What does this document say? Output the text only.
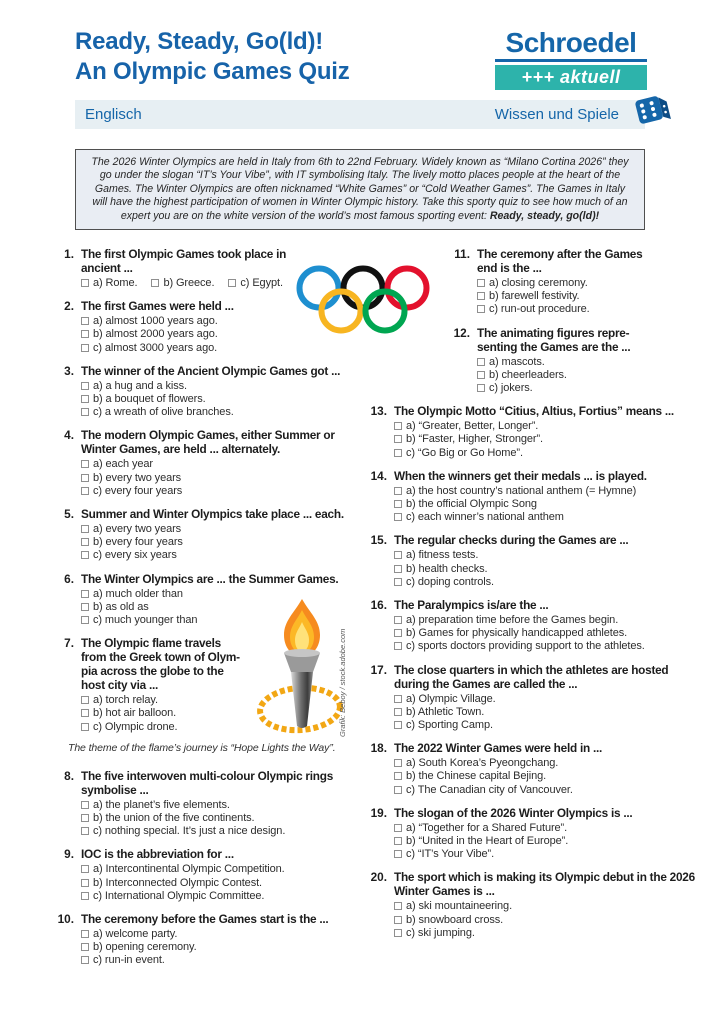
Ready, Steady, Go(ld)!
An Olympic Games Quiz
Schroedel
+++ aktuell
Englisch	Wissen und Spiele
The 2026 Winter Olympics are held in Italy from 6th to 22nd February. Widely known as “Milano Cortina 2026” they go under the slogan “IT’s Your Vibe”, with IT symbolising Italy. The lively motto places people at the heart of the Games. The Winter Olympics are often nicknamed “White Games” or “Cold Weather Games”. The Games in Italy will have the highest participation of women in Winter Olympic history. Take this sporty quiz to see how much of an expert you are on the white version of the world’s most famous sporting event: Ready, steady, go(ld)!
Grafik: Beboy / stock.adobe.com
1. The first Olympic Games took place in ancient ...
a) Rome. b) Greece. c) Egypt.
2. The first Games were held ...
a) almost 1000 years ago.
b) almost 2000 years ago.
c) almost 3000 years ago.
3. The winner of the Ancient Olympic Games got ...
a) a hug and a kiss.
b) a bouquet of flowers.
c) a wreath of olive branches.
4. The modern Olympic Games, either Summer or Winter Games, are held ... alternately.
a) each year
b) every two years
c) every four years
5. Summer and Winter Olympics take place ... each.
a) every two years
b) every four years
c) every six years
6. The Winter Olympics are ... the Summer Games.
a) much older than
b) as old as
c) much younger than
7. The Olympic flame travels from the Greek town of Olympia across the globe to the host city via ...
a) torch relay.
b) hot air balloon.
c) Olympic drone.
The theme of the flame’s journey is “Hope Lights the Way”.
8. The five interwoven multi-colour Olympic rings symbolise ...
a) the planet’s five elements.
b) the union of the five continents.
c) nothing special. It’s just a nice design.
9. IOC is the abbreviation for ...
a) Intercontinental Olympic Competition.
b) Interconnected Olympic Contest.
c) International Olympic Committee.
10. The ceremony before the Games start is the ...
a) welcome party.
b) opening ceremony.
c) run-in event.
11. The ceremony after the Games end is the ...
a) closing ceremony.
b) farewell festivity.
c) run-out procedure.
12. The animating figures representing the Games are the ...
a) mascots.
b) cheerleaders.
c) jokers.
13. The Olympic Motto “Citius, Altius, Fortius” means ...
a) “Greater, Better, Longer”.
b) “Faster, Higher, Stronger”.
c) “Go Big or Go Home”.
14. When the winners get their medals ... is played.
a) the host country’s national anthem (= Hymne)
b) the official Olympic Song
c) each winner’s national anthem
15. The regular checks during the Games are ...
a) fitness tests.
b) health checks.
c) doping controls.
16. The Paralympics is/are the ...
a) preparation time before the Games begin.
b) Games for physically handicapped athletes.
c) sports doctors providing support to the athletes.
17. The close quarters in which the athletes are hosted during the Games are called the ...
a) Olympic Village.
b) Athletic Town.
c) Sporting Camp.
18. The 2022 Winter Games were held in ...
a) South Korea’s Pyeongchang.
b) the Chinese capital Bejing.
c) The Canadian city of Vancouver.
19. The slogan of the 2026 Winter Olympics is ...
a) “Together for a Shared Future”.
b) “United in the Heart of Europe”.
c) “IT’s Your Vibe”.
20. The sport which is making its Olympic debut in the 2026 Winter Games is ...
a) ski mountaineering.
b) snowboard cross.
c) ski jumping.
